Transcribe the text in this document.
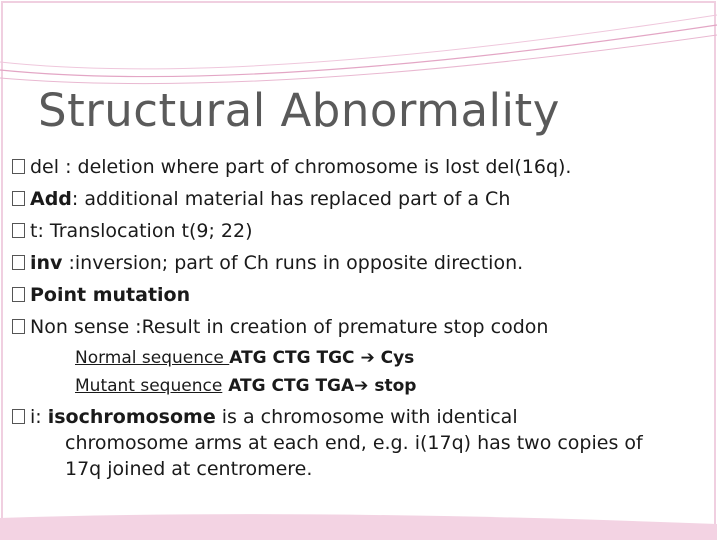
Structural Abnormality
del : deletion where part of chromosome is lost del(16q).
Add: additional material has replaced part of a Ch
t: Translocation t(9; 22)
inv :inversion; part of Ch runs in opposite direction.
Point mutation
Non sense :Result in creation of premature stop codon
Normal sequence ATG CTG TGC ➔ Cys
Mutant sequence ATG CTG TGA➔ stop
i: isochromosome is a chromosome with identical
chromosome arms at each end, e.g. i(17q) has two copies of
17q joined at centromere.
